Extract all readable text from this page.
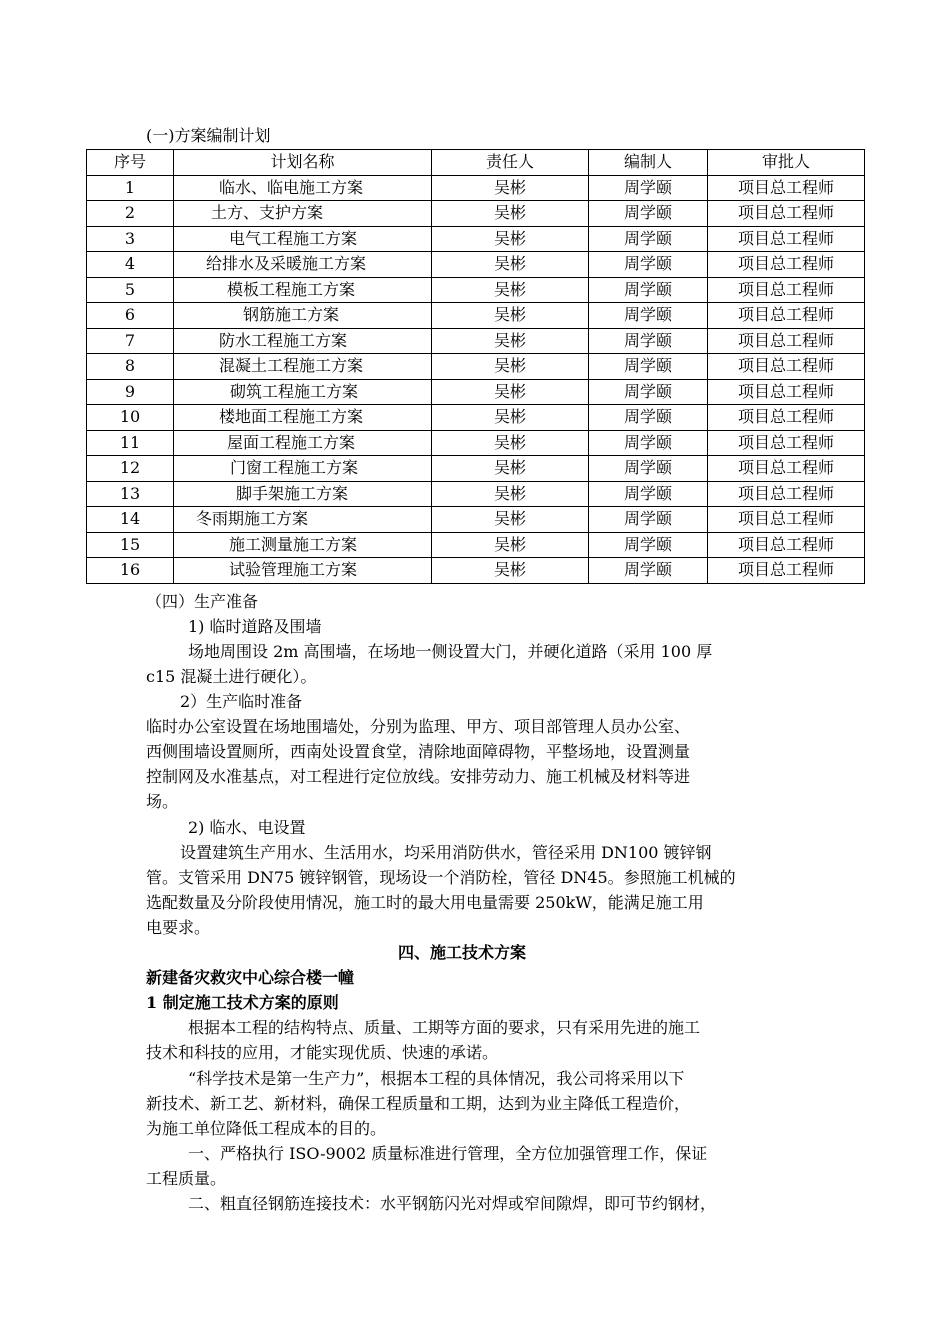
(一)方案编制计划
序号	计划名称	责任人	编制人	审批人
1	临水、临电施工方案	吴彬	周学颐	项目总工程师
2	土方、支护方案	吴彬	周学颐	项目总工程师
3	电气工程施工方案	吴彬	周学颐	项目总工程师
4	给排水及采暖施工方案	吴彬	周学颐	项目总工程师
5	模板工程施工方案	吴彬	周学颐	项目总工程师
6	钢筋施工方案	吴彬	周学颐	项目总工程师
7	防水工程施工方案	吴彬	周学颐	项目总工程师
8	混凝土工程施工方案	吴彬	周学颐	项目总工程师
9	砌筑工程施工方案	吴彬	周学颐	项目总工程师
10	楼地面工程施工方案	吴彬	周学颐	项目总工程师
11	屋面工程施工方案	吴彬	周学颐	项目总工程师
12	门窗工程施工方案	吴彬	周学颐	项目总工程师
13	脚手架施工方案	吴彬	周学颐	项目总工程师
14	冬雨期施工方案	吴彬	周学颐	项目总工程师
15	施工测量施工方案	吴彬	周学颐	项目总工程师
16	试验管理施工方案	吴彬	周学颐	项目总工程师
（四）生产准备
1) 临时道路及围墙
场地周围设 2m 高围墙，在场地一侧设置大门，并硬化道路（采用 100 厚
c15 混凝土进行硬化）。
2）生产临时准备
临时办公室设置在场地围墙处，分别为监理、甲方、项目部管理人员办公室、
西侧围墙设置厕所，西南处设置食堂，清除地面障碍物，平整场地，设置测量
控制网及水准基点，对工程进行定位放线。安排劳动力、施工机械及材料等进
场。
2) 临水、电设置
设置建筑生产用水、生活用水，均采用消防供水，管径采用 DN100 镀锌钢
管。支管采用 DN75 镀锌钢管，现场设一个消防栓，管径 DN45。参照施工机械的
选配数量及分阶段使用情况，施工时的最大用电量需要 250kW，能满足施工用
电要求。
四、施工技术方案
新建备灾救灾中心综合楼一幢
1 制定施工技术方案的原则
根据本工程的结构特点、质量、工期等方面的要求，只有采用先进的施工
技术和科技的应用，才能实现优质、快速的承诺。
“科学技术是第一生产力”，根据本工程的具体情况，我公司将采用以下
新技术、新工艺、新材料，确保工程质量和工期，达到为业主降低工程造价，
为施工单位降低工程成本的目的。
一、严格执行 ISO-9002 质量标准进行管理，全方位加强管理工作，保证
工程质量。
二、粗直径钢筋连接技术：水平钢筋闪光对焊或窄间隙焊，即可节约钢材，
